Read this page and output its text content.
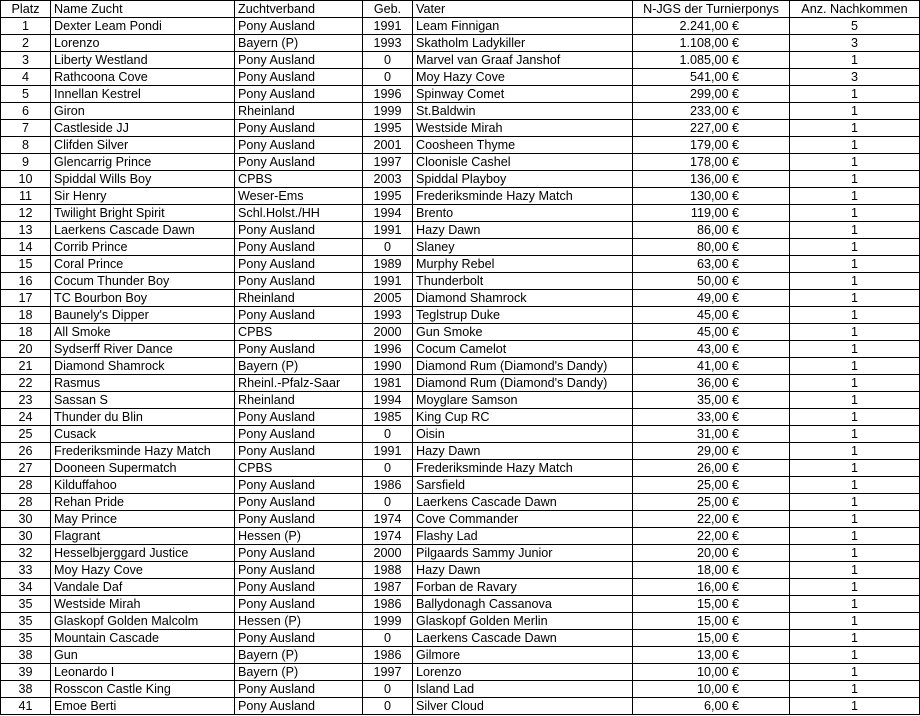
Platz	Name Zucht	Zuchtverband	Geb.	Vater	N-JGS der Turnierponys	Anz. Nachkommen
1	Dexter Leam Pondi	Pony Ausland	1991	Leam Finnigan	2.241,00 €	5
2	Lorenzo	Bayern (P)	1993	Skatholm Ladykiller	1.108,00 €	3
3	Liberty Westland	Pony Ausland	0	Marvel van Graaf Janshof	1.085,00 €	1
4	Rathcoona Cove	Pony Ausland	0	Moy Hazy Cove	541,00 €	3
5	Innellan Kestrel	Pony Ausland	1996	Spinway Comet	299,00 €	1
6	Giron	Rheinland	1999	St.Baldwin	233,00 €	1
7	Castleside JJ	Pony Ausland	1995	Westside Mirah	227,00 €	1
8	Clifden Silver	Pony Ausland	2001	Coosheen Thyme	179,00 €	1
9	Glencarrig Prince	Pony Ausland	1997	Cloonisle Cashel	178,00 €	1
10	Spiddal Wills Boy	CPBS	2003	Spiddal Playboy	136,00 €	1
11	Sir Henry	Weser-Ems	1995	Frederiksminde Hazy Match	130,00 €	1
12	Twilight Bright Spirit	Schl.Holst./HH	1994	Brento	119,00 €	1
13	Laerkens Cascade Dawn	Pony Ausland	1991	Hazy Dawn	86,00 €	1
14	Corrib Prince	Pony Ausland	0	Slaney	80,00 €	1
15	Coral Prince	Pony Ausland	1989	Murphy Rebel	63,00 €	1
16	Cocum Thunder Boy	Pony Ausland	1991	Thunderbolt	50,00 €	1
17	TC Bourbon Boy	Rheinland	2005	Diamond Shamrock	49,00 €	1
18	Baunely's Dipper	Pony Ausland	1993	Teglstrup Duke	45,00 €	1
18	All Smoke	CPBS	2000	Gun Smoke	45,00 €	1
20	Sydserff River Dance	Pony Ausland	1996	Cocum Camelot	43,00 €	1
21	Diamond Shamrock	Bayern (P)	1990	Diamond Rum (Diamond's Dandy)	41,00 €	1
22	Rasmus	Rheinl.-Pfalz-Saar	1981	Diamond Rum (Diamond's Dandy)	36,00 €	1
23	Sassan S	Rheinland	1994	Moyglare Samson	35,00 €	1
24	Thunder du Blin	Pony Ausland	1985	King Cup RC	33,00 €	1
25	Cusack	Pony Ausland	0	Oisin	31,00 €	1
26	Frederiksminde Hazy Match	Pony Ausland	1991	Hazy Dawn	29,00 €	1
27	Dooneen Supermatch	CPBS	0	Frederiksminde Hazy Match	26,00 €	1
28	Kilduffahoo	Pony Ausland	1986	Sarsfield	25,00 €	1
28	Rehan Pride	Pony Ausland	0	Laerkens Cascade Dawn	25,00 €	1
30	May Prince	Pony Ausland	1974	Cove Commander	22,00 €	1
30	Flagrant	Hessen (P)	1974	Flashy Lad	22,00 €	1
32	Hesselbjerggard Justice	Pony Ausland	2000	Pilgaards Sammy Junior	20,00 €	1
33	Moy Hazy Cove	Pony Ausland	1988	Hazy Dawn	18,00 €	1
34	Vandale Daf	Pony Ausland	1987	Forban de Ravary	16,00 €	1
35	Westside Mirah	Pony Ausland	1986	Ballydonagh Cassanova	15,00 €	1
35	Glaskopf Golden Malcolm	Hessen (P)	1999	Glaskopf Golden Merlin	15,00 €	1
35	Mountain Cascade	Pony Ausland	0	Laerkens Cascade Dawn	15,00 €	1
38	Gun	Bayern (P)	1986	Gilmore	13,00 €	1
39	Leonardo I	Bayern (P)	1997	Lorenzo	10,00 €	1
38	Rosscon Castle King	Pony Ausland	0	Island Lad	10,00 €	1
41	Emoe Berti	Pony Ausland	0	Silver Cloud	6,00 €	1
